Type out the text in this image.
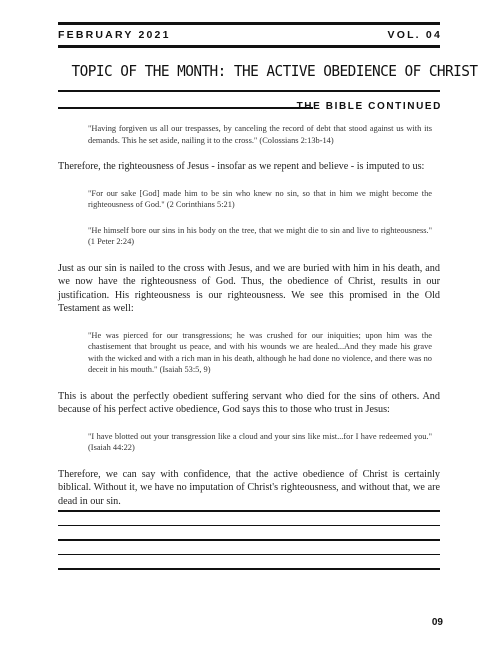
FEBRUARY 2021	VOL. 04
TOPIC OF THE MONTH: THE ACTIVE OBEDIENCE OF CHRIST
THE BIBLE CONTINUED

"Having forgiven us all our trespasses, by canceling the record of debt that stood against us with its demands. This he set aside, nailing it to the cross." (Colossians 2:13b-14)

Therefore, the righteousness of Jesus - insofar as we repent and believe - is imputed to us:

"For our sake [God] made him to be sin who knew no sin, so that in him we might become the righteousness of God." (2 Corinthians 5:21)

"He himself bore our sins in his body on the tree, that we might die to sin and live to righteousness." (1 Peter 2:24)

Just as our sin is nailed to the cross with Jesus, and we are buried with him in his death, and we now have the righteousness of God. Thus, the obedience of Christ, results in our justification. His righteousness is our righteousness. We see this promised in the Old Testament as well:

"He was pierced for our transgressions; he was crushed for our iniquities; upon him was the chastisement that brought us peace, and with his wounds we are healed...And they made his grave with the wicked and with a rich man in his death, although he had done no violence, and there was no deceit in his mouth." (Isaiah 53:5, 9)

This is about the perfectly obedient suffering servant who died for the sins of others. And because of his perfect active obedience, God says this to those who trust in Jesus:

"I have blotted out your transgression like a cloud and your sins like mist...for I have redeemed you." (Isaiah 44:22)

Therefore, we can say with confidence, that the active obedience of Christ is certainly biblical. Without it, we have no imputation of Christ's righteousness, and without that, we are dead in our sin.

09
